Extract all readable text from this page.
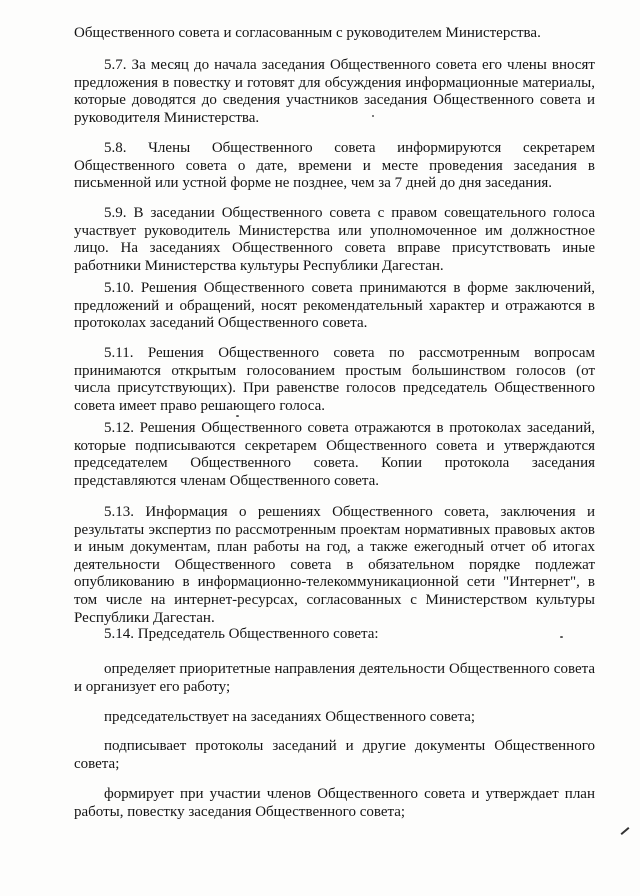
Общественного совета и согласованным с руководителем Министерства.

5.7. За месяц до начала заседания Общественного совета его члены вносят предложения в повестку и готовят для обсуждения информационные материалы, которые доводятся до сведения участников заседания Общественного совета и руководителя Министерства.

5.8. Члены Общественного совета информируются секретарем Общественного совета о дате, времени и месте проведения заседания в письменной или устной форме не позднее, чем за 7 дней до дня заседания.

5.9. В заседании Общественного совета с правом совещательного голоса участвует руководитель Министерства или уполномоченное им должностное лицо. На заседаниях Общественного совета вправе присутствовать иные работники Министерства культуры Республики Дагестан.

5.10. Решения Общественного совета принимаются в форме заключений, предложений и обращений, носят рекомендательный характер и отражаются в протоколах заседаний Общественного совета.

5.11. Решения Общественного совета по рассмотренным вопросам принимаются открытым голосованием простым большинством голосов (от числа присутствующих). При равенстве голосов председатель Общественного совета имеет право решающего голоса.

5.12. Решения Общественного совета отражаются в протоколах заседаний, которые подписываются секретарем Общественного совета и утверждаются председателем Общественного совета. Копии протокола заседания представляются членам Общественного совета.

5.13. Информация о решениях Общественного совета, заключения и результаты экспертиз по рассмотренным проектам нормативных правовых актов и иным документам, план работы на год, а также ежегодный отчет об итогах деятельности Общественного совета в обязательном порядке подлежат опубликованию в информационно-телекоммуникационной сети "Интернет", в том числе на интернет-ресурсах, согласованных с Министерством культуры Республики Дагестан.

5.14. Председатель Общественного совета:

определяет приоритетные направления деятельности Общественного совета и организует его работу;

председательствует на заседаниях Общественного совета;

подписывает протоколы заседаний и другие документы Общественного совета;

формирует при участии членов Общественного совета и утверждает план работы, повестку заседания Общественного совета;
